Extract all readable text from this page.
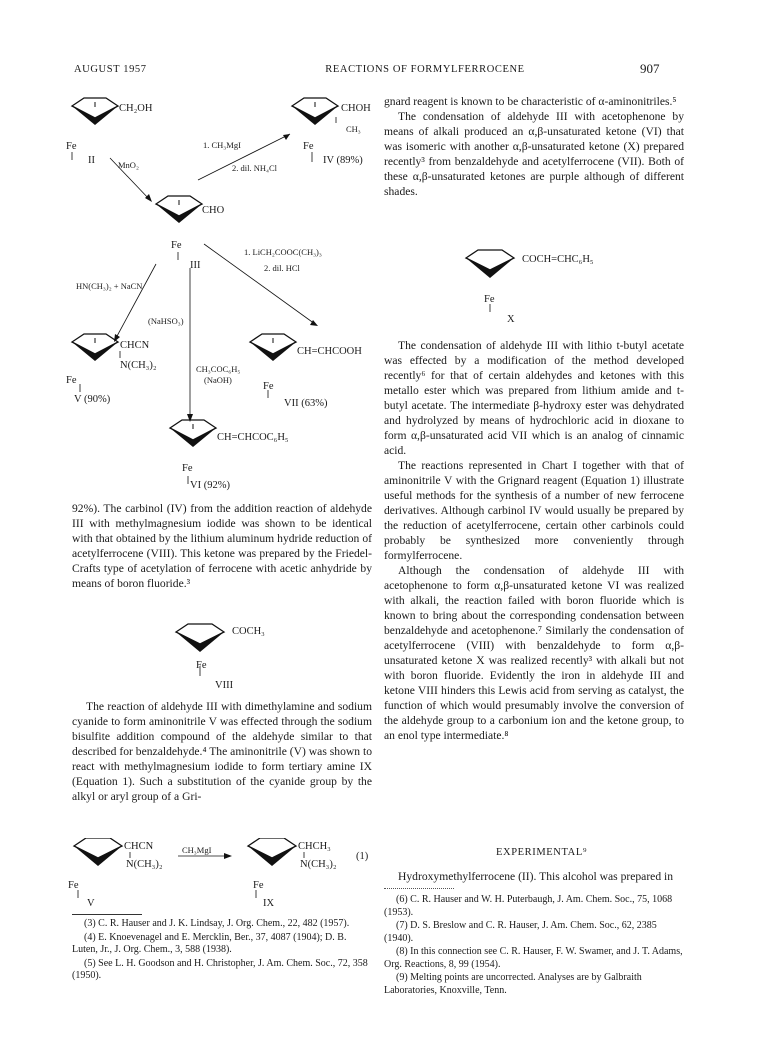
AUGUST 1957	REACTIONS OF FORMYLFERROCENE	907
CH₂OH
Fe
II	MnO₂
CHOH
CH₃
Fe
IV (89%)
1. CH₃MgI
2. dil. NH₄Cl
CHO
Fe
III
1. LiCH₂COOC(CH₃)₃
2. dil. HCl
HN(CH₃)₂ + NaCN
(NaHSO₃)
CHCN
N(CH₃)₂
Fe
V (90%)
CH₃COC₆H₅
(NaOH)
CH=CHCOOH
Fe
VII (63%)
CH=CHCOC₆H₅
Fe
VI (92%)

92%). The carbinol (IV) from the addition reaction of aldehyde III with methylmagnesium iodide was shown to be identical with that obtained by the lithium aluminum hydride reduction of acetylferrocene (VIII). This ketone was prepared by the Friedel-Crafts type of acetylation of ferrocene with acetic anhydride by means of boron fluoride.³

COCH₃
Fe
VIII

The reaction of aldehyde III with dimethylamine and sodium cyanide to form aminonitrile V was effected through the sodium bisulfite addition compound of the aldehyde similar to that described for benzaldehyde.⁴ The aminonitrile (V) was shown to react with methylmagnesium iodide to form tertiary amine IX (Equation 1). Such a substitution of the cyanide group by the alkyl or aryl group of a Gri-

CHCN
N(CH₃)₂
Fe
V
CH₃MgI	CHCH₃
N(CH₃)₂
Fe
IX
(1)

(3) C. R. Hauser and J. K. Lindsay, J. Org. Chem., 22, 482 (1957).

(4) E. Knoevenagel and E. Mercklin, Ber., 37, 4087 (1904); D. B. Luten, Jr., J. Org. Chem., 3, 588 (1938).

(5) See L. H. Goodson and H. Christopher, J. Am. Chem. Soc., 72, 358 (1950).

gnard reagent is known to be characteristic of α-aminonitriles.⁵

The condensation of aldehyde III with acetophenone by means of alkali produced an α,β-unsaturated ketone (VI) that was isomeric with another α,β-unsaturated ketone (X) prepared recently³ from benzaldehyde and acetylferrocene (VII). Both of these α,β-unsaturated ketones are purple although of different shades.

COCH=CHC₆H₅
Fe
X

The condensation of aldehyde III with lithio t-butyl acetate was effected by a modification of the method developed recently⁶ for that of certain aldehydes and ketones with this metallo ester which was prepared from lithium amide and t-butyl acetate. The intermediate β-hydroxy ester was dehydrated and hydrolyzed by means of hydrochloric acid in dioxane to form α,β-unsaturated acid VII which is an analog of cinnamic acid.

The reactions represented in Chart I together with that of aminonitrile V with the Grignard reagent (Equation 1) illustrate useful methods for the synthesis of a number of new ferrocene derivatives. Although carbinol IV would usually be prepared by the reduction of acetylferrocene, certain other carbinols could probably be synthesized more conveniently through formylferrocene.

Although the condensation of aldehyde III with acetophenone to form α,β-unsaturated ketone VI was realized with alkali, the reaction failed with boron fluoride which is known to bring about the corresponding condensation between benzaldehyde and acetophenone.⁷ Similarly the condensation of acetylferrocene (VIII) with benzaldehyde to form α,β-unsaturated ketone X was realized recently³ with alkali but not with boron fluoride. Evidently the iron in aldehyde III and ketone VIII hinders this Lewis acid from serving as catalyst, the function of which would presumably involve the conversion of the aldehyde group to a carbonium ion and the ketone group, to an enol type intermediate.⁸

EXPERIMENTAL⁹

Hydroxymethylferrocene (II). This alcohol was prepared in

(6) C. R. Hauser and W. H. Puterbaugh, J. Am. Chem. Soc., 75, 1068 (1953).

(7) D. S. Breslow and C. R. Hauser, J. Am. Chem. Soc., 62, 2385 (1940).

(8) In this connection see C. R. Hauser, F. W. Swamer, and J. T. Adams, Org. Reactions, 8, 99 (1954).

(9) Melting points are uncorrected. Analyses are by Galbraith Laboratories, Knoxville, Tenn.
